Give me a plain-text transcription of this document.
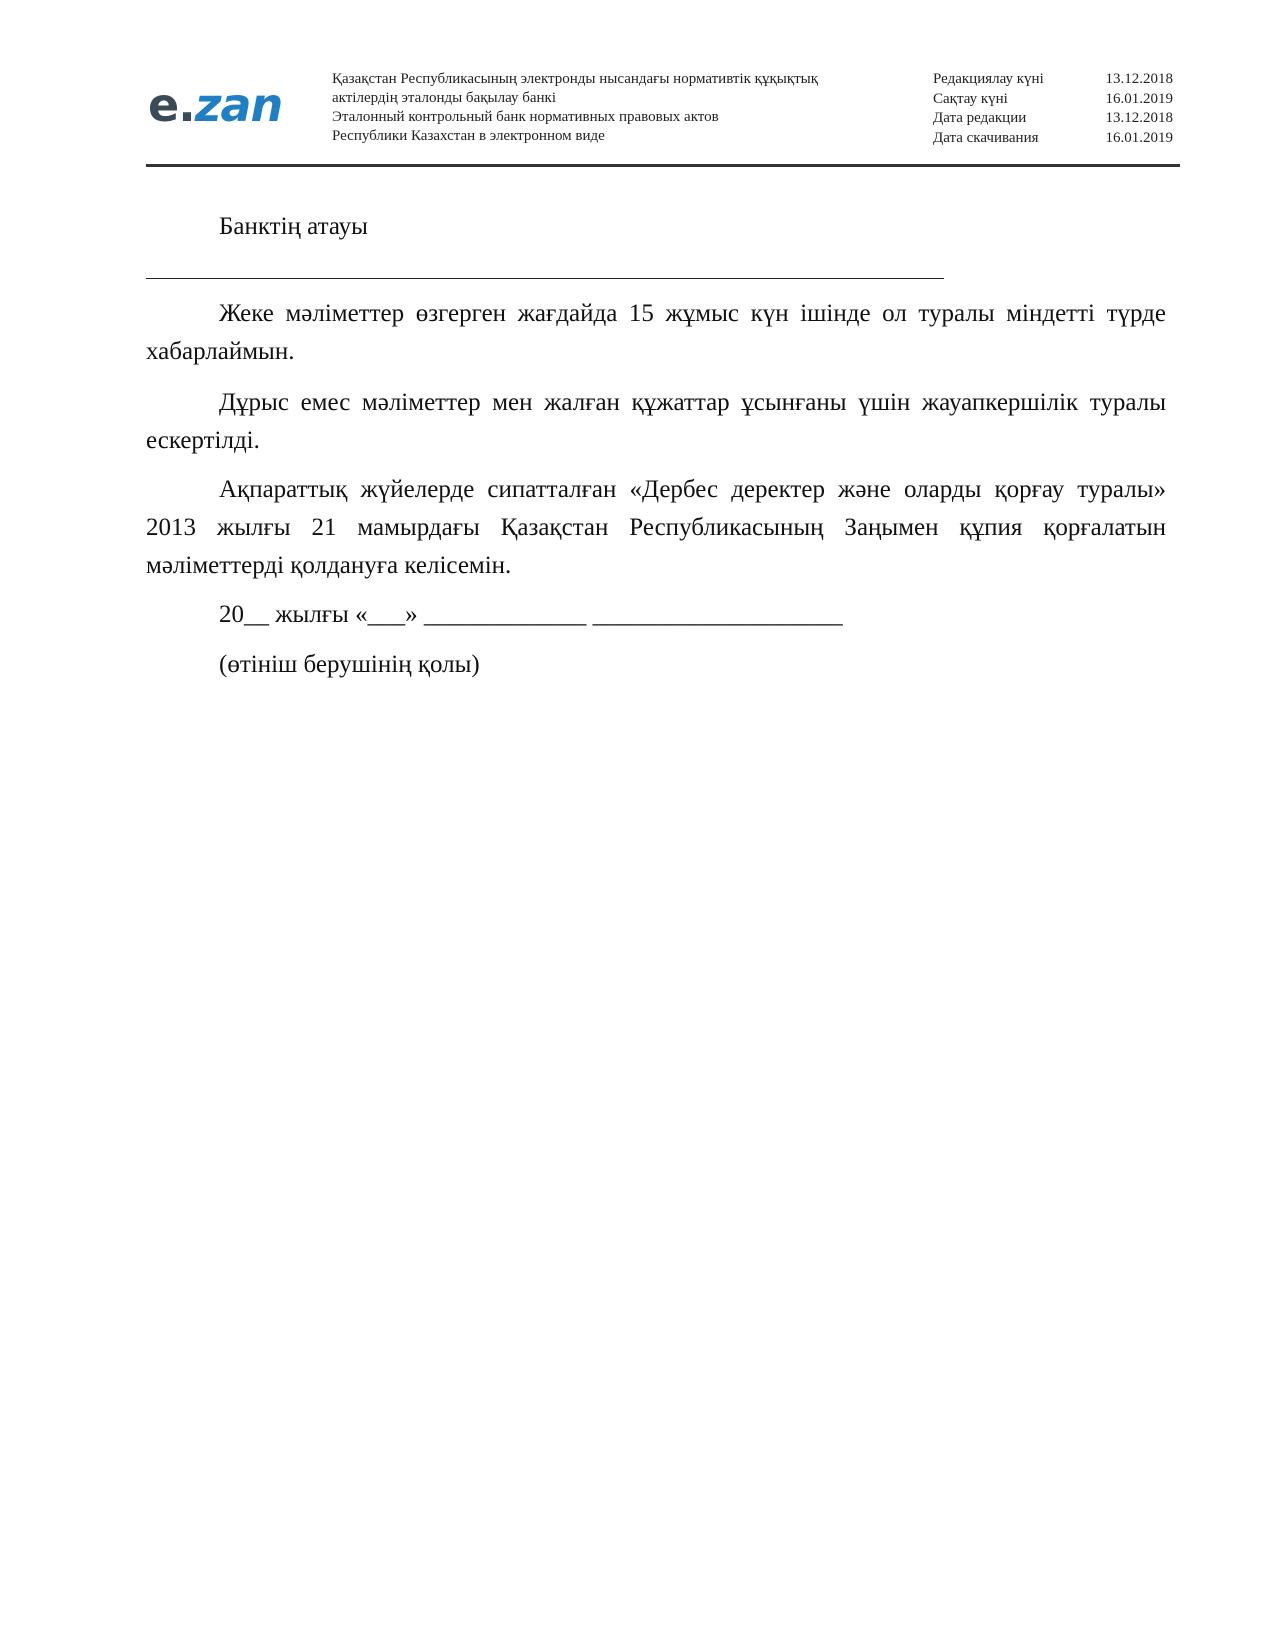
e.zan	Қазақстан Республикасының электронды нысандағы нормативтік құқықтық
актілердің эталонды бақылау банкі
Эталонный контрольный банк нормативных правовых актов
Республики Казахстан в электронном виде
Редакциялау күні	13.12.2018
Сақтау күні	16.01.2019
Дата редакции	13.12.2018
Дата скачивания	16.01.2019

Банктің атауы

Жеке мәліметтер өзгерген жағдайда 15 жұмыс күн ішінде ол туралы міндетті түрде хабарлаймын.

Дұрыс емес мәліметтер мен жалған құжаттар ұсынғаны үшін жауапкершілік туралы ескертілді.

Ақпараттық жүйелерде сипатталған «Дербес деректер және оларды қорғау туралы» 2013 жылғы 21 мамырдағы Қазақстан Республикасының Заңымен құпия қорғалатын мәліметтерді қолдануға келісемін.

20__ жылғы «___» _____________ ____________________

(өтініш берушінің қолы)
